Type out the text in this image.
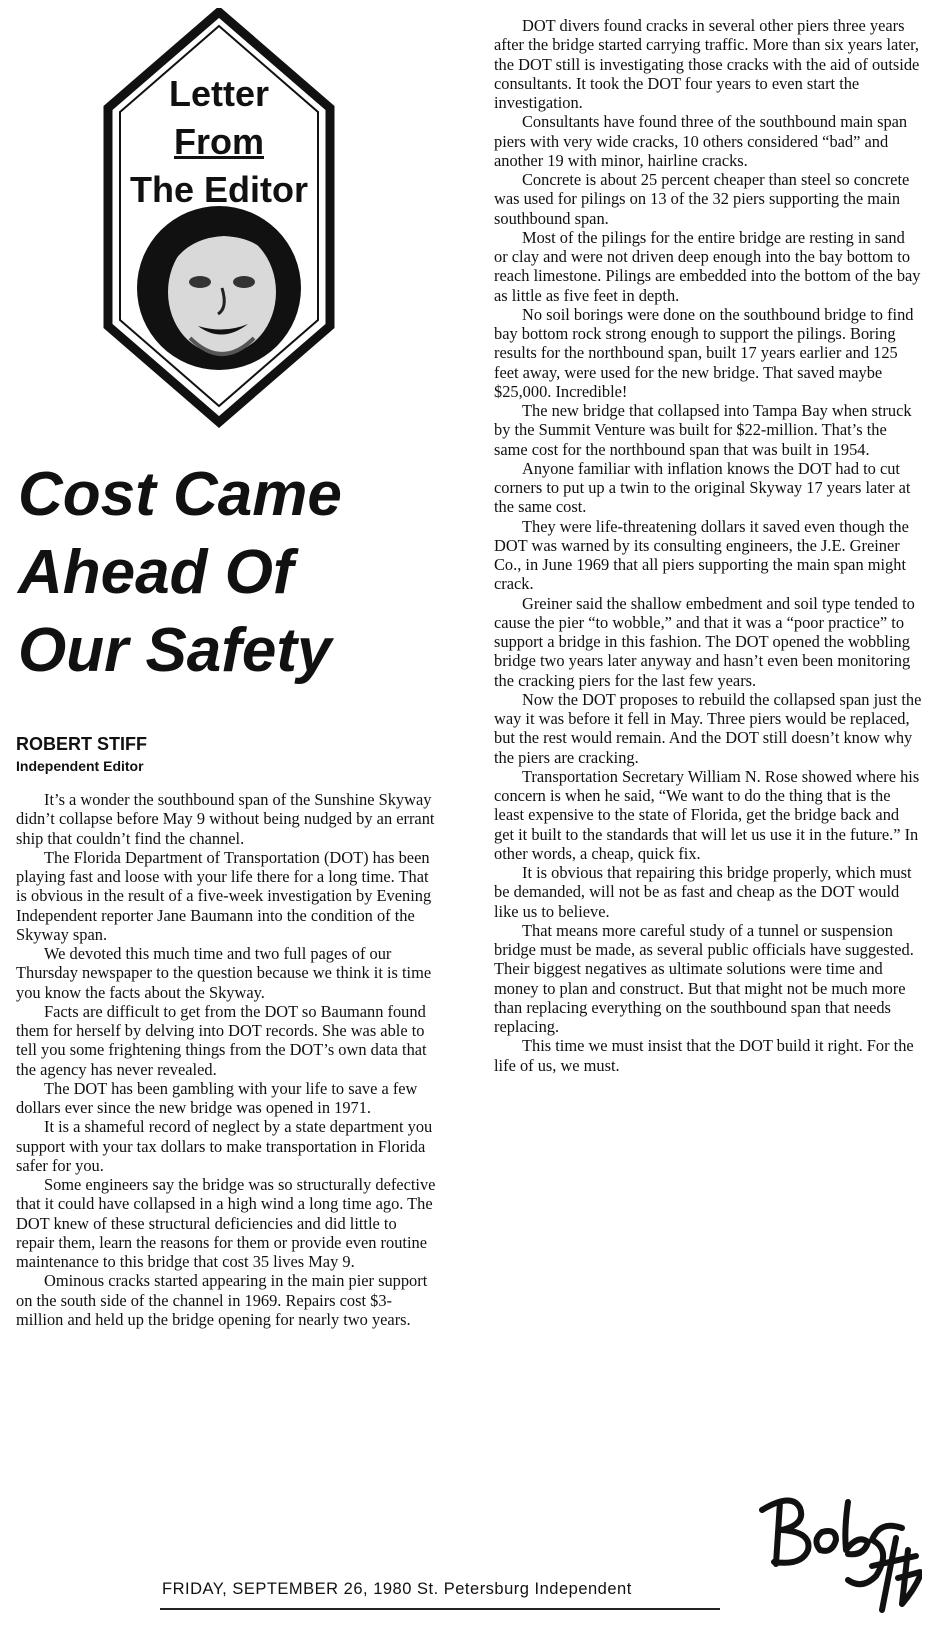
Letter
From
The Editor
Cost Came
Ahead Of
Our Safety
ROBERT STIFF
Independent Editor

It’s a wonder the southbound span of the Sunshine Skyway didn’t collapse before May 9 without being nudged by an errant ship that couldn’t find the channel.

The Florida Department of Transportation (DOT) has been playing fast and loose with your life there for a long time. That is obvious in the result of a five-week investigation by Evening Independent reporter Jane Baumann into the condition of the Skyway span.

We devoted this much time and two full pages of our Thursday newspaper to the question because we think it is time you know the facts about the Skyway.

Facts are difficult to get from the DOT so Baumann found them for herself by delving into DOT records. She was able to tell you some frightening things from the DOT’s own data that the agency has never revealed.

The DOT has been gambling with your life to save a few dollars ever since the new bridge was opened in 1971.

It is a shameful record of neglect by a state department you support with your tax dollars to make transportation in Florida safer for you.

Some engineers say the bridge was so structurally defective that it could have collapsed in a high wind a long time ago. The DOT knew of these structural deficiencies and did little to repair them, learn the reasons for them or provide even routine maintenance to this bridge that cost 35 lives May 9.

Ominous cracks started appearing in the main pier support on the south side of the channel in 1969. Repairs cost $3-million and held up the bridge opening for nearly two years.

DOT divers found cracks in several other piers three years after the bridge started carrying traffic. More than six years later, the DOT still is investigating those cracks with the aid of outside consultants. It took the DOT four years to even start the investigation.

Consultants have found three of the southbound main span piers with very wide cracks, 10 others considered “bad” and another 19 with minor, hairline cracks.

Concrete is about 25 percent cheaper than steel so concrete was used for pilings on 13 of the 32 piers supporting the main southbound span.

Most of the pilings for the entire bridge are resting in sand or clay and were not driven deep enough into the bay bottom to reach limestone. Pilings are embedded into the bottom of the bay as little as five feet in depth.

No soil borings were done on the southbound bridge to find bay bottom rock strong enough to support the pilings. Boring results for the northbound span, built 17 years earlier and 125 feet away, were used for the new bridge. That saved maybe $25,000. Incredible!

The new bridge that collapsed into Tampa Bay when struck by the Summit Venture was built for $22-million. That’s the same cost for the northbound span that was built in 1954.

Anyone familiar with inflation knows the DOT had to cut corners to put up a twin to the original Skyway 17 years later at the same cost.

They were life-threatening dollars it saved even though the DOT was warned by its consulting engineers, the J.E. Greiner Co., in June 1969 that all piers supporting the main span might crack.

Greiner said the shallow embedment and soil type tended to cause the pier “to wobble,” and that it was a “poor practice” to support a bridge in this fashion. The DOT opened the wobbling bridge two years later anyway and hasn’t even been monitoring the cracking piers for the last few years.

Now the DOT proposes to rebuild the collapsed span just the way it was before it fell in May. Three piers would be replaced, but the rest would remain. And the DOT still doesn’t know why the piers are cracking.

Transportation Secretary William N. Rose showed where his concern is when he said, “We want to do the thing that is the least expensive to the state of Florida, get the bridge back and get it built to the standards that will let us use it in the future.” In other words, a cheap, quick fix.

It is obvious that repairing this bridge properly, which must be demanded, will not be as fast and cheap as the DOT would like us to believe.

That means more careful study of a tunnel or suspension bridge must be made, as several public officials have suggested. Their biggest negatives as ultimate solutions were time and money to plan and construct. But that might not be much more than replacing everything on the southbound span that needs replacing.

This time we must insist that the DOT build it right. For the life of us, we must.

FRIDAY, SEPTEMBER 26, 1980 St. Petersburg Independent
